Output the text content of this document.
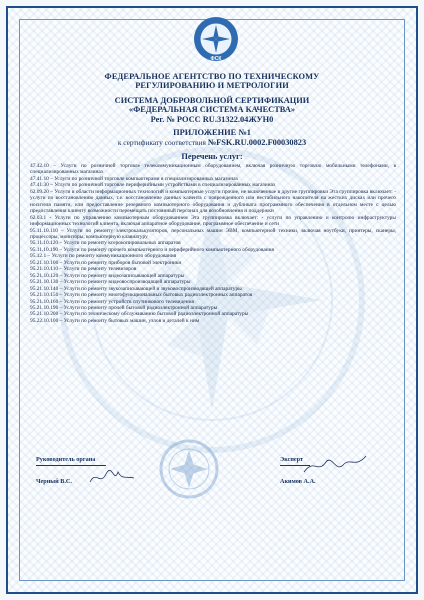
ФСК
ФЕДЕРАЛЬНОЕ АГЕНТСТВО ПО ТЕХНИЧЕСКОМУ
РЕГУЛИРОВАНИЮ И МЕТРОЛОГИИ
СИСТЕМА ДОБРОВОЛЬНОЙ СЕРТИФИКАЦИИ
«ФЕДЕРАЛЬНАЯ СИСТЕМА КАЧЕСТВА»
Рег. № РОСС RU.31322.04ЖУН0
ПРИЛОЖЕНИЕ №1
к сертификату соответствия №FSK.RU.0002.F00030823
Перечень услуг:

47.42.10 – Услуги по розничной торговле телекоммуникационным оборудованием, включая розничную торговлю мобильными телефонами, в специализированных магазинах

47.41.10 – Услуги по розничной торговле компьютерами в специализированных магазинах

47.41.30 – Услуги по розничной торговле периферийными устройствами в специализированных магазинах

62.09.20 – Услуги в области информационных технологий и компьютерные услуги прочие, не включенные в другие группировки Эта группировка включает: - услуги по восстановлению данных, т.е. восстановление данных клиента с поврежденного или нестабильного накопителя на жестких дисках или прочего носителя памяти, или предоставление резервного компьютерного оборудования и дубликата программного обеспечения в отдельном месте с целью предоставления клиенту возможности перемещать постоянный персонал для возобновления и поддержки

62.03.1 - Услуги по управлению компьютерным оборудованием Эта группировка включает: - услуги по управлению и контролю инфраструктуры информационных технологий клиента, включая аппаратное оборудование, программное обеспечение и сети

95.11.10.110 – Услуги по ремонту электрокалькуляторов, персональных машин ЭВМ, компьютерной техники, включая ноутбуки, принтеры, сканеры, процессоры, мониторы, компьютерную клавиатуру

95.11.10.120 – Услуги по ремонту ксерокопировальных аппаратов

95.11.10.190 – Услуги по ремонту прочего компьютерного и периферийного компьютерного оборудования

95.12.1 – Услуги по ремонту коммуникационного оборудования

95.21.10.100 – Услуги по ремонту приборов бытовой электроники

95.21.10.110 – Услуги по ремонту телевизоров

95.21.10.120 – Услуги по ремонту видеозаписывающей аппаратуры

95.21.10.130 – Услуги по ремонту видеовоспроизводящей аппаратуры

95.21.10.140 – Услуги по ремонту звукозаписывающей и звуковоспроизводящей аппаратуры

95.21.10.150 – Услуги по ремонту многофункциональных бытовых радиоэлектронных аппаратов

95.21.10.160 – Услуги по ремонту устройств спутникового телевидения

95.21.10.190 – Услуги по ремонту прочей бытовой радиоэлектронной аппаратуры

95.21.10.200 – Услуги по техническому обслуживанию бытовой радиоэлектронной аппаратуры

95.22.10.100 – Услуги по ремонту бытовых машин, узлов и деталей к ним

Руководитель органа
Черный В.С.
Эксперт
Акимов А.А.
